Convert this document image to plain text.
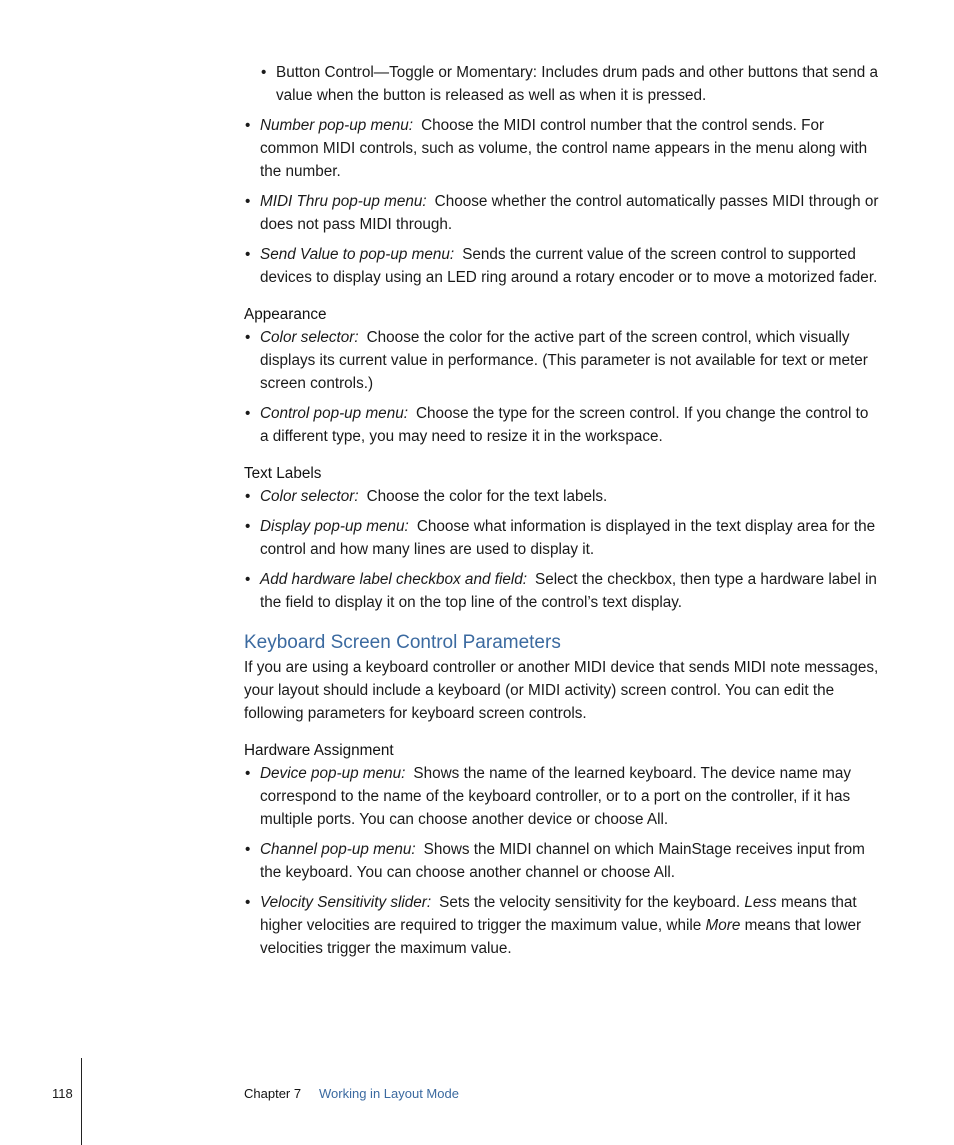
• Button Control—Toggle or Momentary: Includes drum pads and other buttons that send a value when the button is released as well as when it is pressed.

• Number pop-up menu: Choose the MIDI control number that the control sends. For common MIDI controls, such as volume, the control name appears in the menu along with the number.

• MIDI Thru pop-up menu: Choose whether the control automatically passes MIDI through or does not pass MIDI through.

• Send Value to pop-up menu: Sends the current value of the screen control to supported devices to display using an LED ring around a rotary encoder or to move a motorized fader.

Appearance

• Color selector: Choose the color for the active part of the screen control, which visually displays its current value in performance. (This parameter is not available for text or meter screen controls.)

• Control pop-up menu: Choose the type for the screen control. If you change the control to a different type, you may need to resize it in the workspace.

Text Labels

• Color selector: Choose the color for the text labels.

• Display pop-up menu: Choose what information is displayed in the text display area for the control and how many lines are used to display it.

• Add hardware label checkbox and field: Select the checkbox, then type a hardware label in the field to display it on the top line of the control’s text display.

Keyboard Screen Control Parameters

If you are using a keyboard controller or another MIDI device that sends MIDI note messages, your layout should include a keyboard (or MIDI activity) screen control. You can edit the following parameters for keyboard screen controls.

Hardware Assignment

• Device pop-up menu: Shows the name of the learned keyboard. The device name may correspond to the name of the keyboard controller, or to a port on the controller, if it has multiple ports. You can choose another device or choose All.

• Channel pop-up menu: Shows the MIDI channel on which MainStage receives input from the keyboard. You can choose another channel or choose All.

• Velocity Sensitivity slider: Sets the velocity sensitivity for the keyboard. Less means that higher velocities are required to trigger the maximum value, while More means that lower velocities trigger the maximum value.

118	Chapter 7 Working in Layout Mode
